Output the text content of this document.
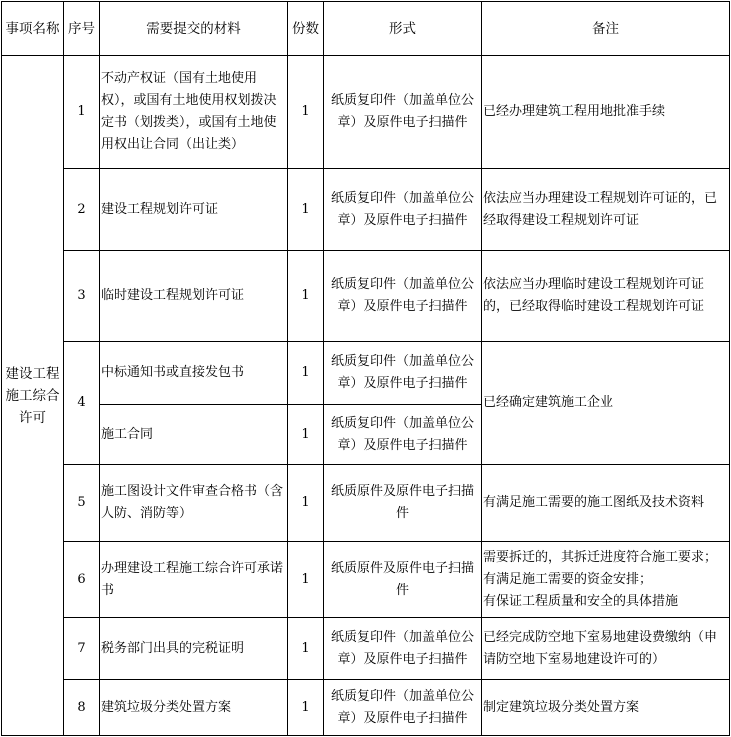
事项名称	序号	需要提交的材料	份数	形式	备注
建设工程施工综合许可	1	不动产权证（国有土地使用权），或国有土地使用权划拨决定书（划拨类），或国有土地使用权出让合同（出让类）	1	纸质复印件（加盖单位公章）及原件电子扫描件	已经办理建筑工程用地批准手续
	2	建设工程规划许可证	1	纸质复印件（加盖单位公章）及原件电子扫描件	依法应当办理建设工程规划许可证的，已经取得建设工程规划许可证
	3	临时建设工程规划许可证	1	纸质复印件（加盖单位公章）及原件电子扫描件	依法应当办理临时建设工程规划许可证的，已经取得临时建设工程规划许可证
	4	中标通知书或直接发包书	1	纸质复印件（加盖单位公章）及原件电子扫描件	已经确定建筑施工企业
		施工合同	1	纸质复印件（加盖单位公章）及原件电子扫描件	
	5	施工图设计文件审查合格书（含人防、消防等）	1	纸质原件及原件电子扫描件	有满足施工需要的施工图纸及技术资料
	6	办理建设工程施工综合许可承诺书	1	纸质原件及原件电子扫描件	需要拆迁的，其拆迁进度符合施工要求；有满足施工需要的资金安排；
有保证工程质量和安全的具体措施

	7	税务部门出具的完税证明	1	纸质复印件（加盖单位公章）及原件电子扫描件	已经完成防空地下室易地建设费缴纳（申请防空地下室易地建设许可的）
	8	建筑垃圾分类处置方案	1	纸质复印件（加盖单位公章）及原件电子扫描件	制定建筑垃圾分类处置方案
